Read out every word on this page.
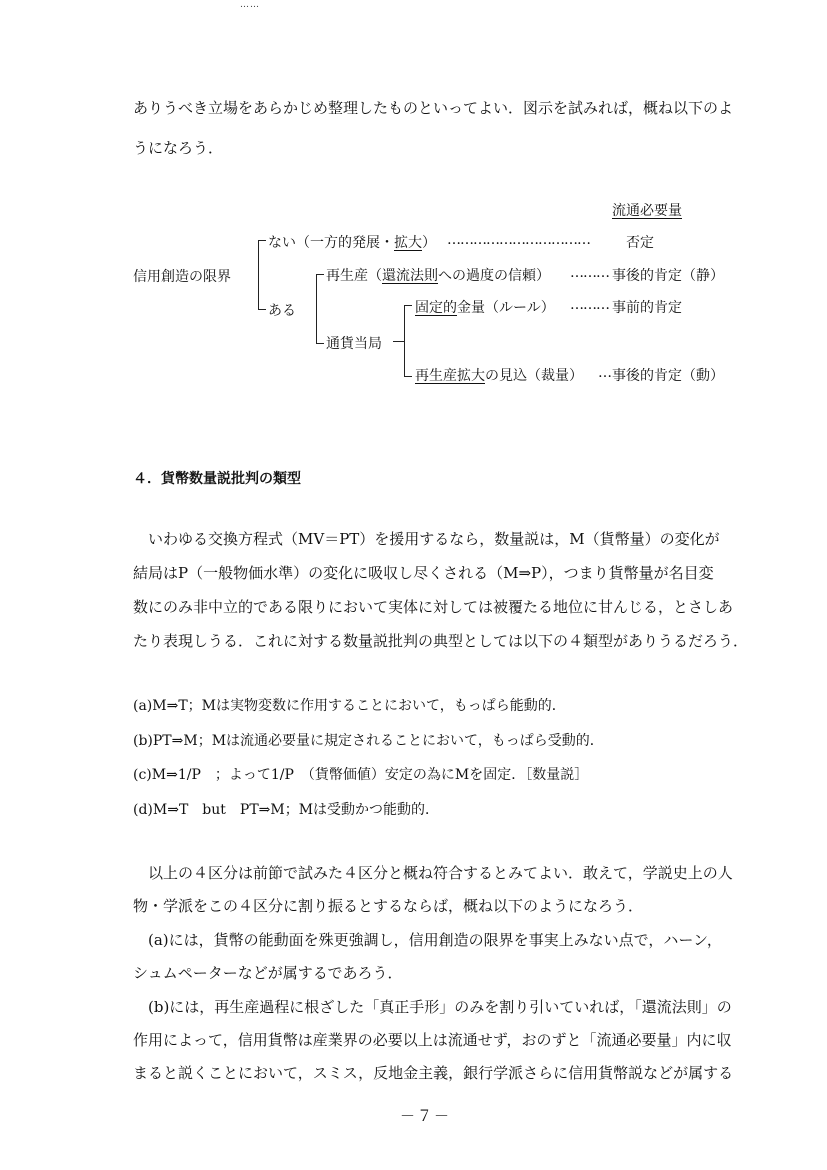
……
ありうべき立場をあらかじめ整理したものといってよい．図示を試みれば，概ね以下のよ
うになろう．
流通必要量
信用創造の限界
ない（一方的発展・拡大） ……………………………	否定
ある
再生産（還流法則への過度の信頼） ……… 事後的肯定（静）
通貨当局
固定的金量（ルール） ……… 事前的肯定
再生産拡大の見込（裁量） … 事後的肯定（動）
４．貨幣数量説批判の類型
　いわゆる交換方程式（MV＝PT）を援用するなら，数量説は，M（貨幣量）の変化が
結局はP（一般物価水準）の変化に吸収し尽くされる（M⇒P），つまり貨幣量が名目変
数にのみ非中立的である限りにおいて実体に対しては被覆たる地位に甘んじる，とさしあ
たり表現しうる．これに対する数量説批判の典型としては以下の４類型がありうるだろう．
(a)M⇒T；Mは実物変数に作用することにおいて，もっぱら能動的．
(b)PT⇒M；Mは流通必要量に規定されることにおいて，もっぱら受動的．
(c)M⇒1/P　；よって1/P　（貨幣価値）安定の為にMを固定．［数量説］
(d)M⇒T　but　PT⇒M；Mは受動かつ能動的．
　以上の４区分は前節で試みた４区分と概ね符合するとみてよい．敢えて，学説史上の人
物・学派をこの４区分に割り振るとするならば，概ね以下のようになろう．
　(a)には，貨幣の能動面を殊更強調し，信用創造の限界を事実上みない点で，ハーン，
シュムペーターなどが属するであろう．
　(b)には，再生産過程に根ざした「真正手形」のみを割り引いていれば，「還流法則」の
作用によって，信用貨幣は産業界の必要以上は流通せず，おのずと「流通必要量」内に収
まると説くことにおいて，スミス，反地金主義，銀行学派さらに信用貨幣説などが属する
－７－
